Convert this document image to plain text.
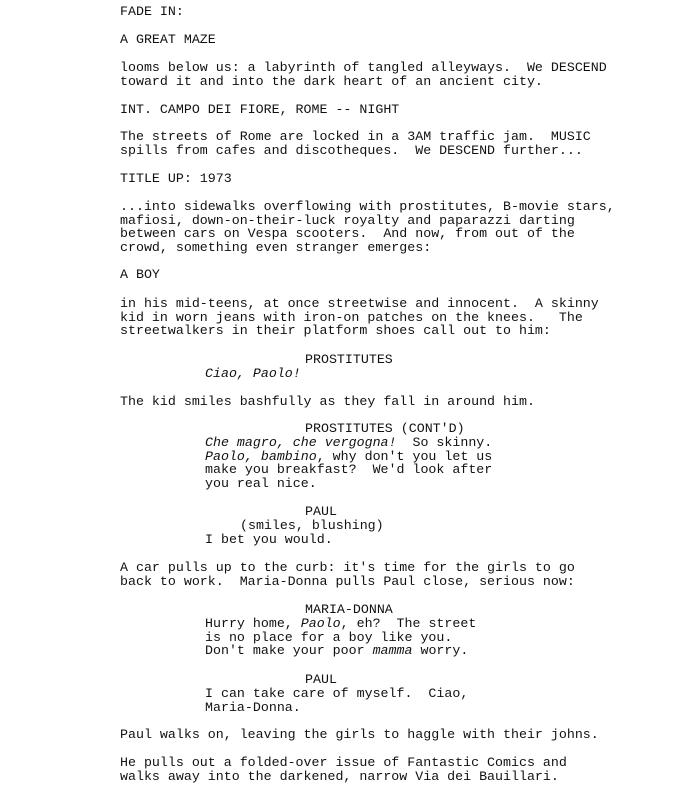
FADE IN:
A GREAT MAZE
looms below us: a labyrinth of tangled alleyways.  We DESCEND
toward it and into the dark heart of an ancient city.
INT. CAMPO DEI FIORE, ROME -- NIGHT
The streets of Rome are locked in a 3AM traffic jam.  MUSIC
spills from cafes and discotheques.  We DESCEND further...
TITLE UP: 1973
...into sidewalks overflowing with prostitutes, B-movie stars,
mafiosi, down-on-their-luck royalty and paparazzi darting
between cars on Vespa scooters.  And now, from out of the
crowd, something even stranger emerges:
A BOY
in his mid-teens, at once streetwise and innocent.  A skinny
kid in worn jeans with iron-on patches on the knees.   The
streetwalkers in their platform shoes call out to him:
PROSTITUTES
Ciao, Paolo!
The kid smiles bashfully as they fall in around him.
PROSTITUTES (CONT'D)
Che magro, che vergogna!  So skinny.
Paolo, bambino, why don't you let us
make you breakfast?  We'd look after
you real nice.
PAUL
(smiles, blushing)
I bet you would.
A car pulls up to the curb: it's time for the girls to go
back to work.  Maria-Donna pulls Paul close, serious now:
MARIA-DONNA
Hurry home, Paolo, eh?  The street
is no place for a boy like you.
Don't make your poor mamma worry.
PAUL
I can take care of myself.  Ciao,
Maria-Donna.
Paul walks on, leaving the girls to haggle with their johns.
He pulls out a folded-over issue of Fantastic Comics and
walks away into the darkened, narrow Via dei Bauillari.
